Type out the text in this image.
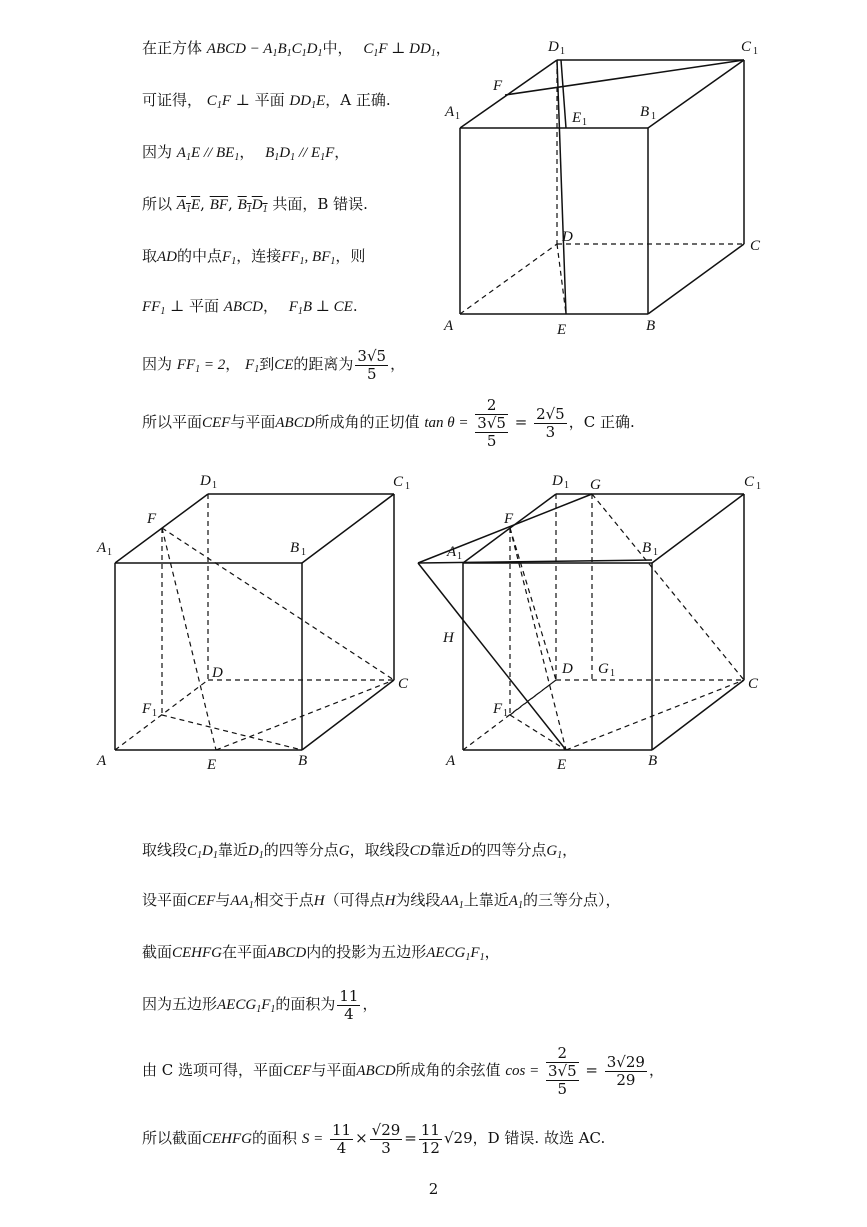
在正方体 ABCD − $A_1B_1C_1D_1$中， $C_1F$ ⊥ $DD_1$，
可证得， $C_1F$ ⊥ 平面 $DD_1E$，A 正确.
因为 $A_1E // BE_1$， $B_1D_1 // E_1F$，
所以 $A_1E$, $\overline{BF}$, $B_1D_1$ 共面，B 错误.
取AD的中点$F_1$，连接$FF_1$, $BF_1$，则
$FF_1$ ⊥ 平面 ABCD， $F_1B$ ⊥ CE.
因为 $FF_1 = 2$， $F_1$到CE的距离为 $\frac{3√5}{5}$ ，
所以平面CEF与平面ABCD所成角的正切值 $\tan \theta = \frac{2}{\frac{3√5}{5}} = \frac{2√5}{3}$ ，C 正确.
D 1	C 1
F
A 1	E 1
B 1
D
C
A	E	B
D 1	C 1
F
A 1	B 1
D
C
F 1
A	E	B
D 1 G	C 1
F
A 1
B 1
H
D G 1
C
F 1
A	E	B
取线段$C_1D_1$靠近$D_1$的四等分点G，取线段CD靠近D的四等分点$G_1$，
设平面CEF与$AA_1$相交于点H（可得点H为线段$AA_1$上靠近$A_1$的三等分点），
截面CEHFG在平面ABCD内的投影为五边形$AECG_1F_1$，
因为五边形$AECG_1F_1$的面积为 $\frac{11}{4}$ ，
由 C 选项可得，平面CEF与平面ABCD所成角的余弦值 $\cos = \frac{2}{\frac{3√5}{5}} = \frac{3√29}{29}$ ，
所以截面CEHFG的面积 $S = \frac{11}{4} \times \frac{√29}{3} = \frac{11}{12} √29$，D 错误. 故选 AC.
2
